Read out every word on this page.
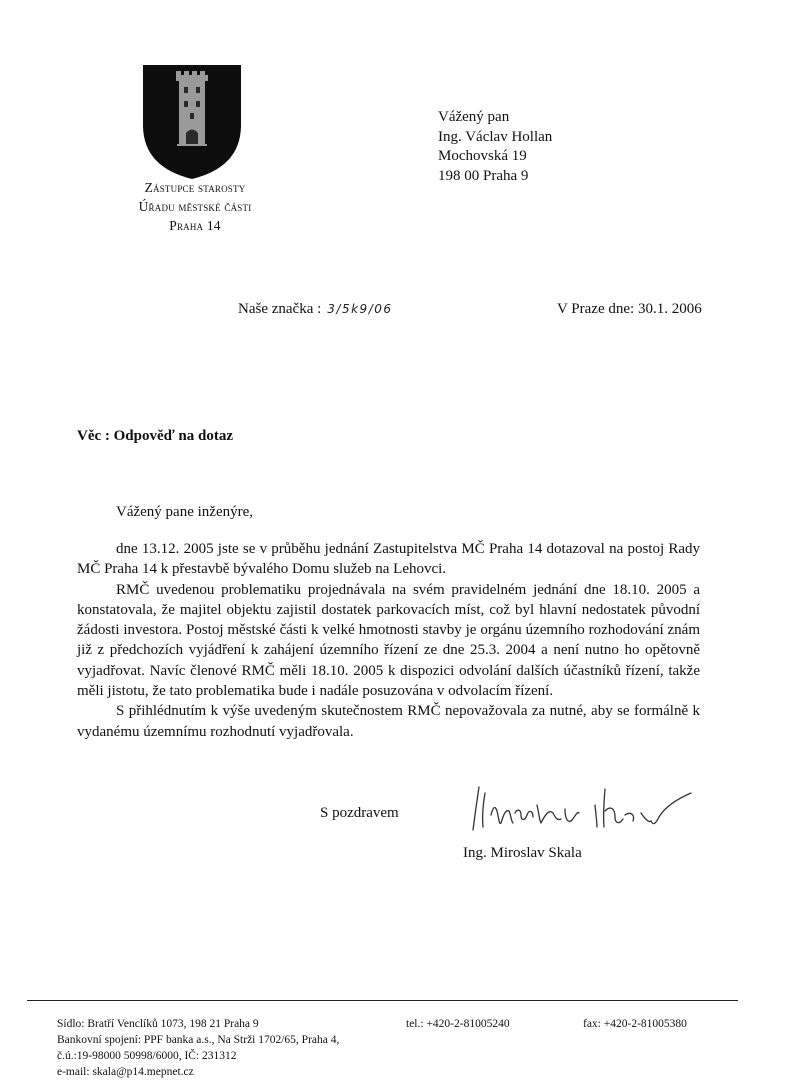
Zástupce starosty
Úřadu městské části
Praha 14
Vážený pan
Ing. Václav Hollan
Mochovská 19
198 00 Praha 9
Naše značka : 3/5k9/06	V Praze dne: 30.1. 2006
Věc : Odpověď na dotaz
Vážený pane inženýre,

dne 13.12. 2005 jste se v průběhu jednání Zastupitelstva MČ Praha 14 dotazoval na postoj Rady MČ Praha 14 k přestavbě bývalého Domu služeb na Lehovci.

RMČ uvedenou problematiku projednávala na svém pravidelném jednání dne 18.10. 2005 a konstatovala, že majitel objektu zajistil dostatek parkovacích míst, což byl hlavní nedostatek původní žádosti investora. Postoj městské části k velké hmotnosti stavby je orgánu územního rozhodování znám již z předchozích vyjádření k zahájení územního řízení ze dne 25.3. 2004 a není nutno ho opětovně vyjadřovat. Navíc členové RMČ měli 18.10. 2005 k dispozici odvolání dalších účastníků řízení, takže měli jistotu, že tato problematika bude i nadále posuzována v odvolacím řízení.

S přihlédnutím k výše uvedeným skutečnostem RMČ nepovažovala za nutné, aby se formálně k vydanému územnímu rozhodnutí vyjadřovala.

S pozdravem
Ing. Miroslav Skala
Sídlo: Bratří Venclíků 1073, 198 21 Praha 9
Bankovní spojení: PPF banka a.s., Na Strži 1702/65, Praha 4,
č.ú.:19-98000 50998/6000, IČ: 231312
e-mail: skala@p14.mepnet.cz
tel.: +420-2-81005240	fax: +420-2-81005380
